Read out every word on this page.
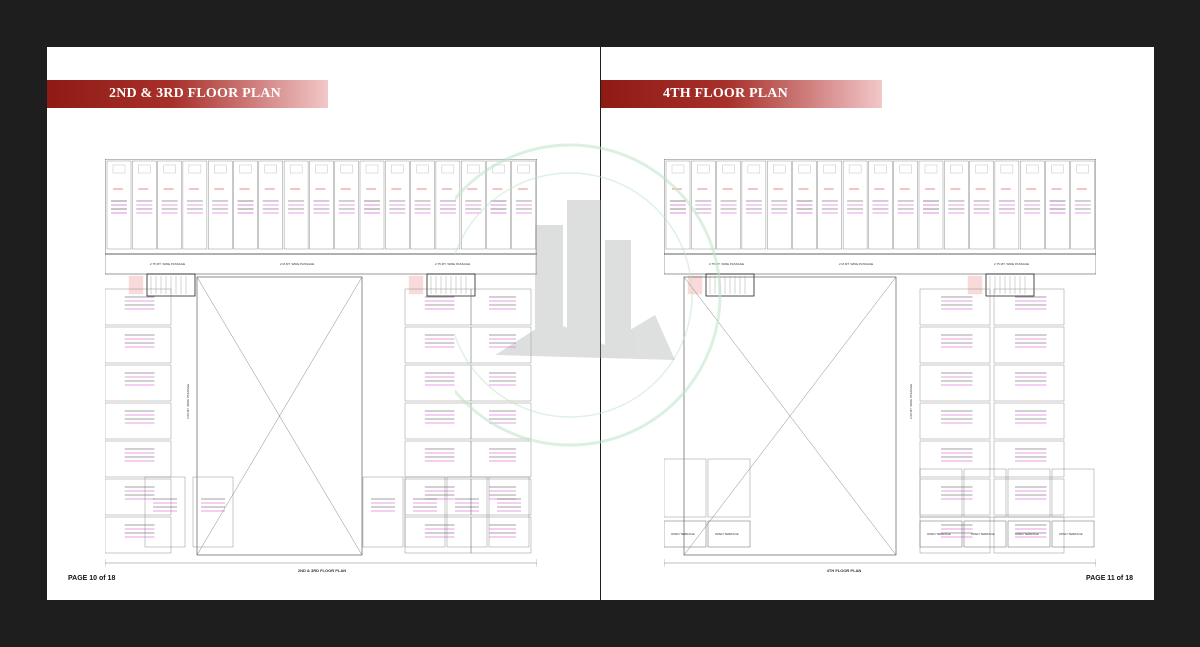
2ND & 3RD FLOOR PLAN
2.75 MT. WIDE PASSAGE	2 M.MT. WIDE PASSAGE	2.75 MT. WIDE PASSAGE
2.00 MT. WIDE PASSAGE
2ND & 3RD FLOOR PLAN
PAGE 10 of 18
4TH FLOOR PLAN
2.75 MT. WIDE PASSAGE	2 M.MT. WIDE PASSAGE	2.75 MT. WIDE PASSAGE
2.00 MT. WIDE PASSAGE
OPEN TERRACE	OPEN TERRACE	OPEN TERRACE	OPEN TERRACE	OPEN TERRACE	OPEN TERRACE
4TH FLOOR PLAN
PAGE 11 of 18
